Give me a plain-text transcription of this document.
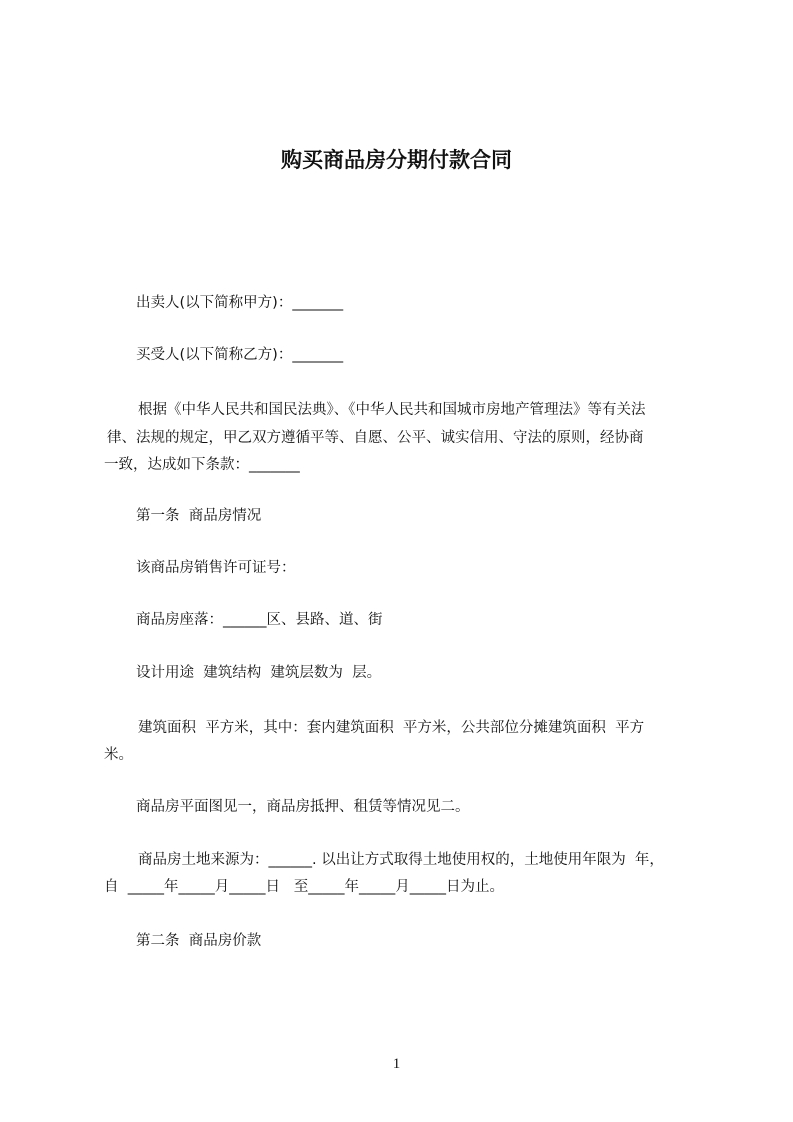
购买商品房分期付款合同
出卖人(以下简称甲方)：_______
买受人(以下简称乙方)：_______
根据《中华人民共和国民法典》、《中华人民共和国城市房地产管理法》等有关法
律、法规的规定，甲乙双方遵循平等、自愿、公平、诚实信用、守法的原则，经协商
一致，达成如下条款：_______
第一条  商品房情况
该商品房销售许可证号：
商品房座落：______区、县路、道、街
设计用途  建筑结构  建筑层数为  层。
建筑面积  平方米，其中：套内建筑面积  平方米，公共部位分摊建筑面积  平方
米。
商品房平面图见一，商品房抵押、租赁等情况见二。
商品房土地来源为：______. 以出让方式取得土地使用权的，土地使用年限为  年，
自  _____年_____月_____日   至_____年_____月_____日为止。
第二条  商品房价款
1
